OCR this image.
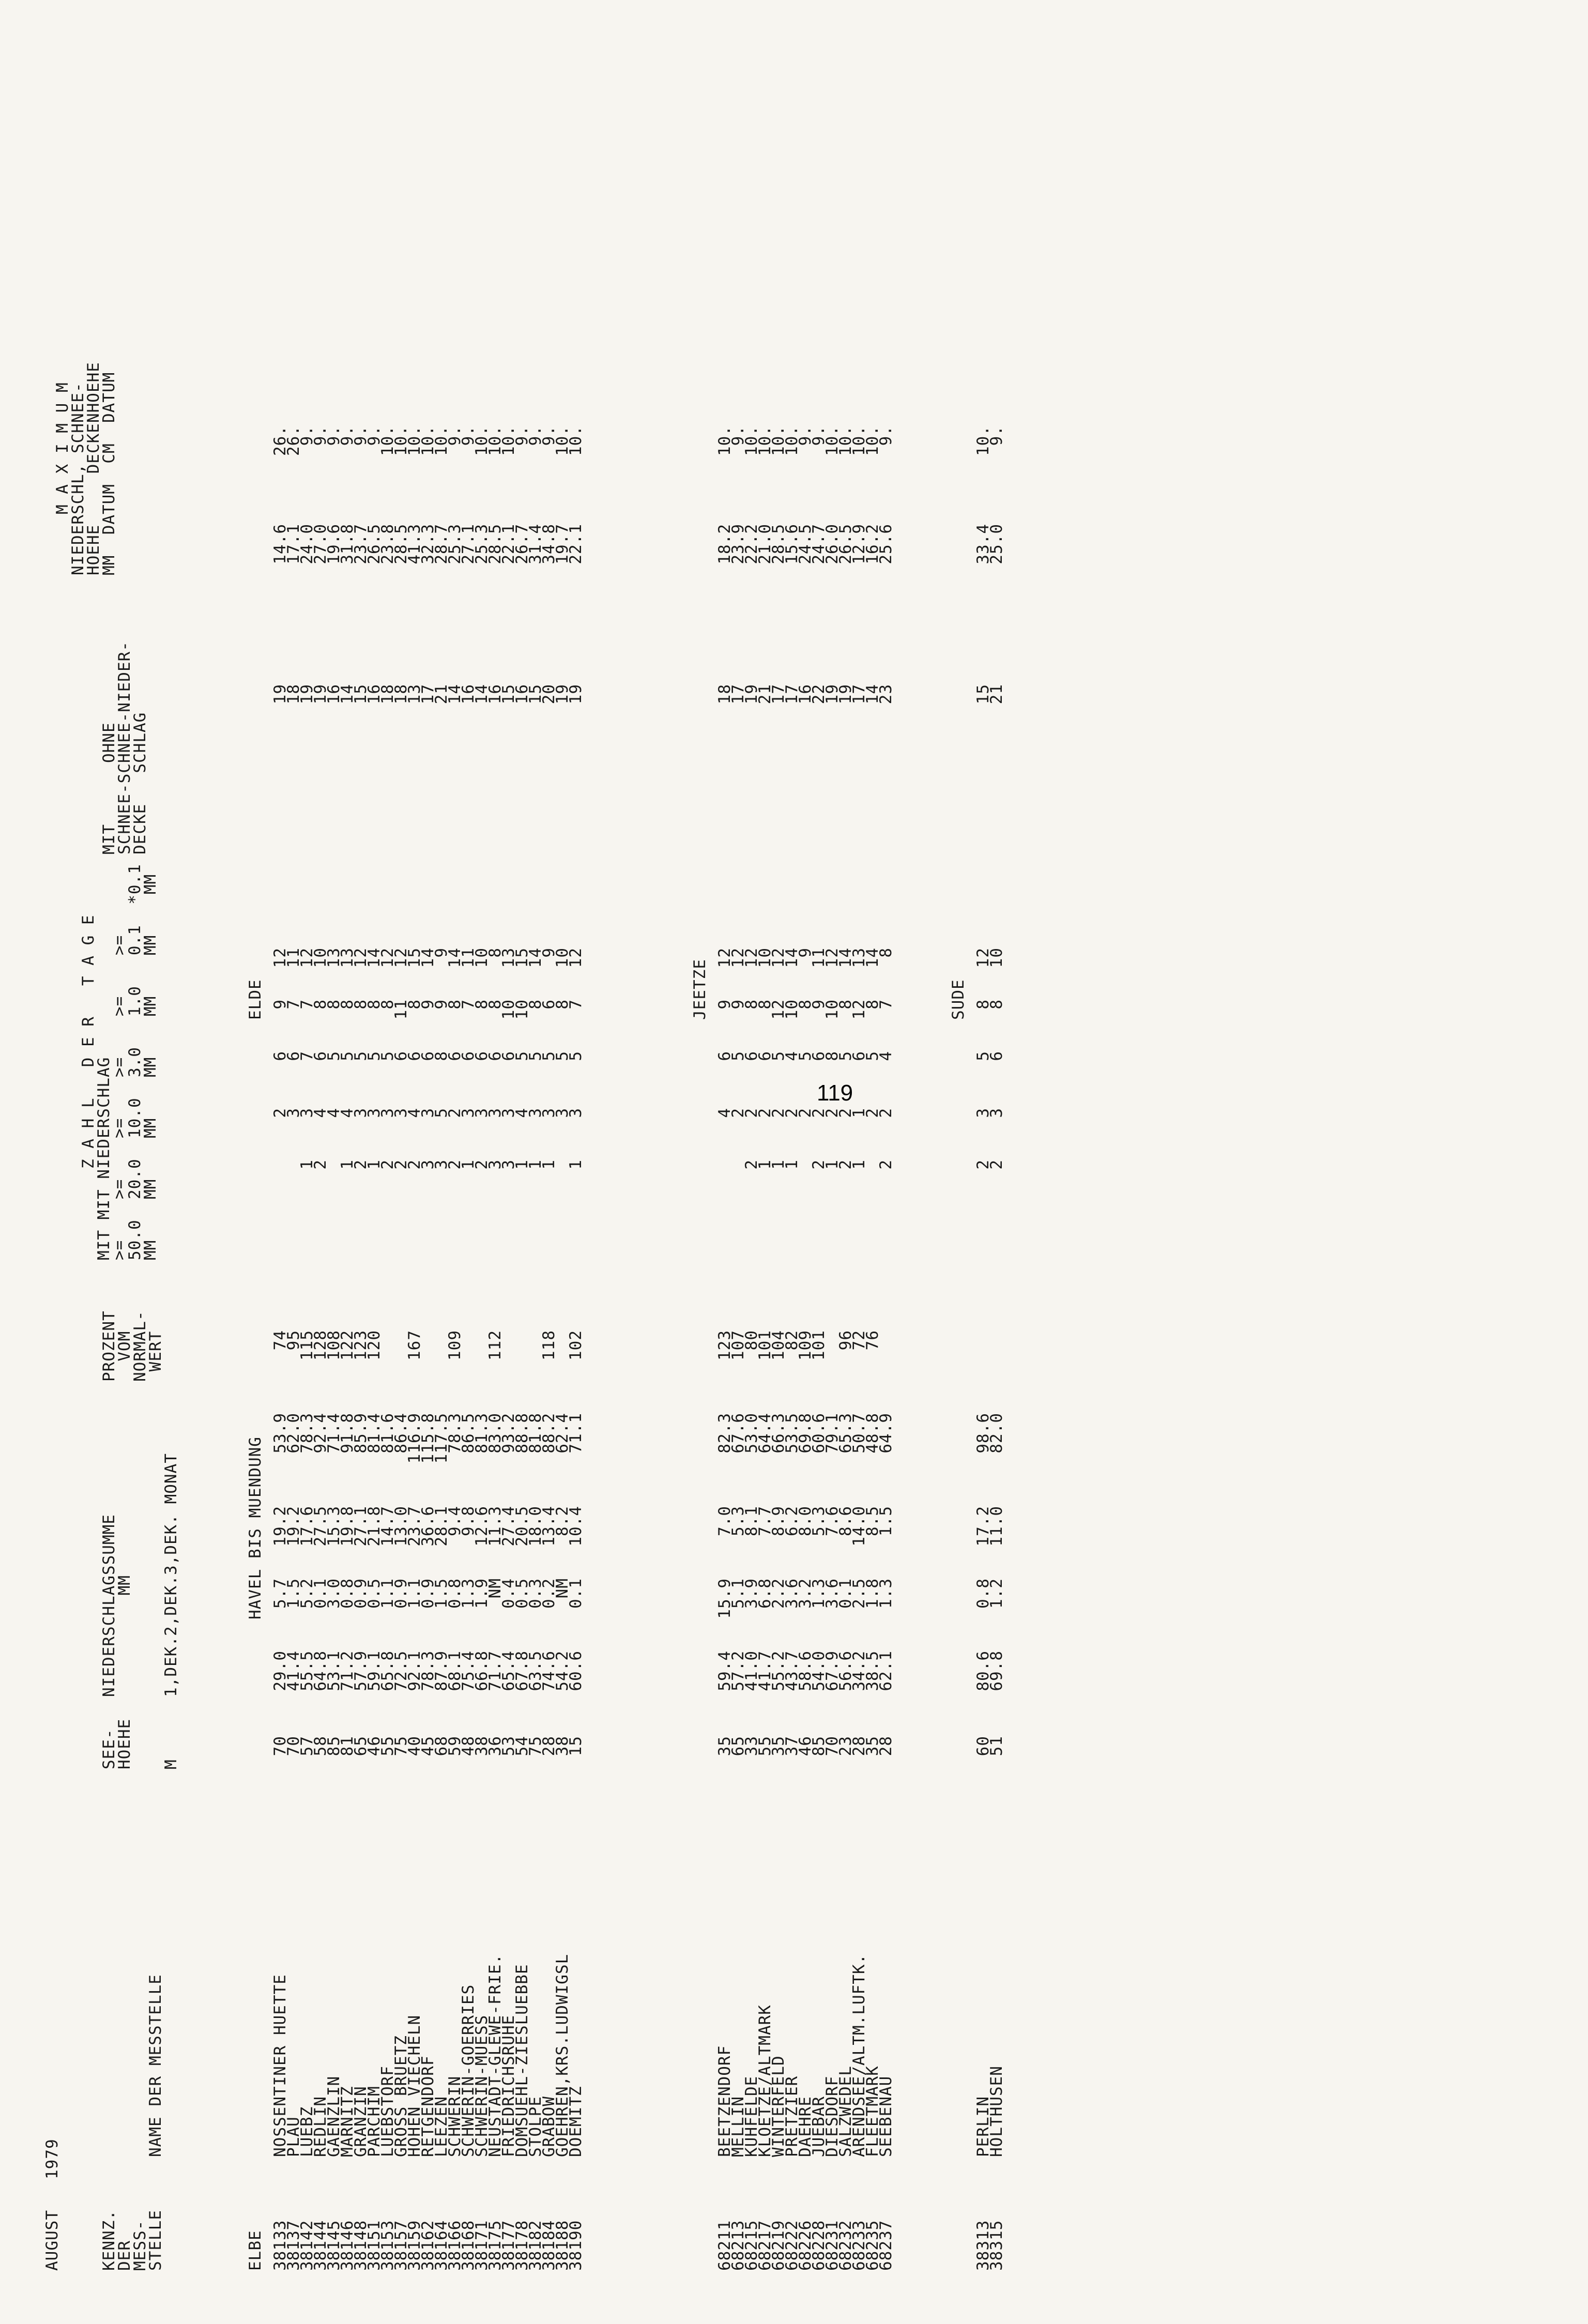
AUGUST   1979
KENNZ.
DER
MESS-
STELLE
NAME DER MESSTELLE
SEE-
HOEHE M
NIEDERSCHLAGSSUMME
MM 1,DEK.2,DEK.3,DEK. MONAT
PROZENT
VOM
NORMAL-
WERT
Z A H L   D E R   T A G E
MIT MIT NIEDERSCHLAG
>=    >=    >=    >=    >=    >=
50.0  20.0  10.0  3.0   1.0   0.1  *0.1
MM    MM    MM    MM    MM    MM    MM
MIT      OHNE
SCHNEE-SCHNEE-NIEDER-
DECKE   SCHLAG
M A X I M U M
NIEDERSCHL, SCHNEE-
HOEHE     DECKENHOEHE
MM  DATUM  CM  DATUM
ELBE
HAVEL BIS MUENDUNG
ELDE
38133
NOSSENTINER HUETTE
70
29.0
5.7
19.2
53.9
74
2
6
9
12
19
14.6
26.
38137
PLAU
70
41.4
1.5
19.2
62.0
95
3
6
7
11
18
17.1
26.
38142
LUEBZ
57
55.5
5.2
17.6
78.3
115
1
3
7
7
12
19
24.0
9.
38144
REDLIN
58
64.8
0.1
27.5
92.4
128
2
4
6
8
10
19
27.0
9.
38145
GAENZLIN
85
53.1
3.0
15.3
71.4
108
4
5
8
13
16
19.6
9.
38146
MARNITZ
81
71.2
0.8
19.8
91.8
122
1
4
5
8
13
14
31.8
9.
38148
GRANZIN
65
57.9
0.9
27.1
85.9
123
2
3
5
8
12
15
23.7
9.
38151
PARCHIM
46
59.1
0.5
21.8
81.4
120
1
3
5
8
14
16
26.5
9.
38153
LUEBSTORF
55
65.8
1.1
14.7
81.6
2
3
5
8
12
18
23.8
10.
38157
GROSS BRUETZ
75
72.5
0.9
13.0
86.4
2
3
6
11
12
18
28.5
10.
38159
HOHEN VIECHELN
40
92.1
1.1
23.7
116.9
167
2
4
6
8
15
13
41.3
10.
38162
RETGENDORF
45
78.3
0.9
36.6
115.8
3
3
6
9
14
17
32.3
10.
38164
LEEZEN
68
87.9
1.5
28.1
117.5
3
5
8
9
9
21
28.7
10.
38166
SCHWERIN
59
68.1
0.8
9.4
78.3
109
2
2
6
8
14
14
25.3
9.
38168
SCHWERIN-GOERRIES
48
75.4
1.3
9.8
86.5
1
3
6
7
11
16
27.1
9.
38171
SCHWERIN-MUESS
38
66.8
1.9
12.6
81.3
2
3
6
8
10
14
25.3
10.
38175
NEUSTADT-GLEWE-FRIE.
36
71.7
NM
11.3
83.0
112
3
3
6
8
8
16
28.5
10.
38177
FRIEDRICHSRUHE
53
65.4
0.4
27.4
93.2
3
3
6
10
13
15
22.1
10.
38178
DOMSUEHL-ZIESLUEBBE
54
67.8
0.5
20.5
88.8
1
4
5
10
15
16
26.7
9.
38182
STOLPE
75
63.5
0.3
18.0
81.8
1
3
5
8
14
15
31.4
9.
38184
GRABOW
28
74.6
0.2
13.4
88.2
118
1
3
5
6
9
20
34.8
9.
38188
GOEHREN,KRS.LUDWIGSL
38
54.2
NM
8.2
62.4
3
5
8
10
19
19.7
10.
38190
DOEMITZ
15
60.6
0.1
10.4
71.1
102
1
3
5
7
12
19
22.1
10.
JEETZE
68211
BEETZENDORF
35
59.4
15.9
7.0
82.3
123
4
6
9
12
18
18.2
10.
68213
MELLIN
65
57.2
5.1
5.3
67.6
107
2
5
9
12
17
23.9
9.
68215
KUHFELDE
33
41.0
3.9
8.1
53.0
80
2
2
6
8
12
19
22.2
10.
68217
KLOETZE/ALTMARK
55
41.7
6.8
7.7
64.4
101
1
2
6
8
10
21
21.0
10.
68219
WINTERFELD
35
55.2
2.2
8.9
66.3
104
1
2
5
12
12
17
28.5
10.
68222
PRETZIER
37
43.7
3.6
6.2
53.5
82
1
2
4
10
14
17
15.6
10.
68226
DAEHRE
46
58.6
3.2
8.0
69.8
109
2
5
8
9
16
24.5
9.
68228
JUEBAR
85
54.0
1.3
5.3
60.6
101
2
2
6
9
11
22
24.7
9.
68231
DIESDORF
70
67.9
3.6
7.6
79.1
1
2
8
10
12
19
26.0
10.
68232
SALZWEDEL
23
56.6
0.1
8.6
65.3
96
2
2
5
8
14
19
26.5
10.
68233
ARENDSEE/ALTM.LUFTK.
28
34.2
2.5
14.0
50.7
72
1
1
6
12
13
17
12.9
10.
68235
FLEETMARK
35
38.5
1.8
8.5
48.8
76
2
5
8
14
14
16.2
10.
68237
SEEBENAU
28
62.1
1.3
1.5
64.9
2
2
4
7
8
23
25.6
9.
SUDE
38313
PERLIN
60
80.6
0.8
17.2
98.6
2
3
5
8
12
15
33.4
10.
38315
HOLTHUSEN
51
69.8
1.2
11.0
82.0
2
3
6
8
10
21
25.0
9.
119
